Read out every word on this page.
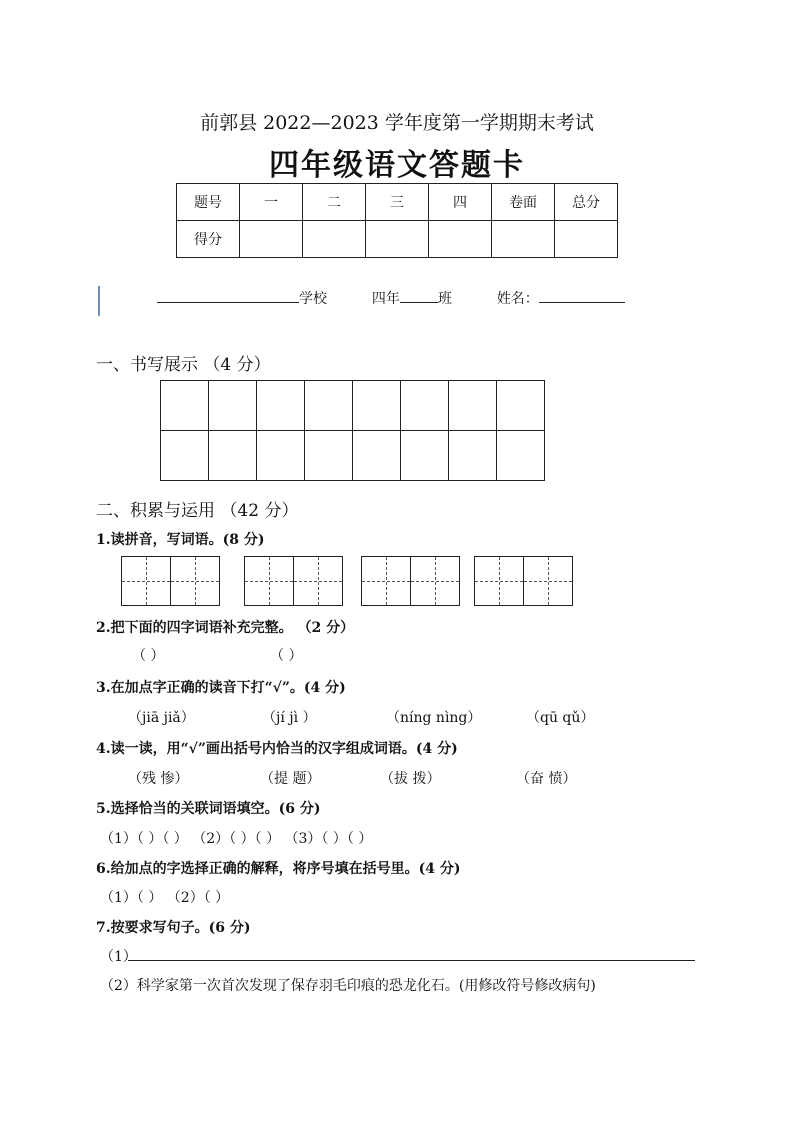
前郭县 2022—2023 学年度第一学期期末考试
四年级语文答题卡
题号	一	二	三	四	卷面	总分
得分						
学校	四年	班	姓名：
一、书写展示 （4 分）

二、积累与运用 （42 分）
1.读拼音，写词语。(8 分)
2.把下面的四字词语补充完整。 （2 分）
（ ）	（ ）
3.在加点字正确的读音下打“√”。(4 分)
（jiā jiǎ）	（jí jì ）	（níng nìng）	（qū qǔ）
4.读一读，用“√”画出括号内恰当的汉字组成词语。(4 分)
（残 惨）	（提 题）	（拔 拨）	（奋 愤）
5.选择恰当的关联词语填空。(6 分)
（1）（ ）（ ） （2）（ ）（ ） （3）（ ）（ ）
6.给加点的字选择正确的解释，将序号填在括号里。(4 分)
（1）（ ） （2）（ ）
7.按要求写句子。(6 分)
（1）
（2）科学家第一次首次发现了保存羽毛印痕的恐龙化石。(用修改符号修改病句)
